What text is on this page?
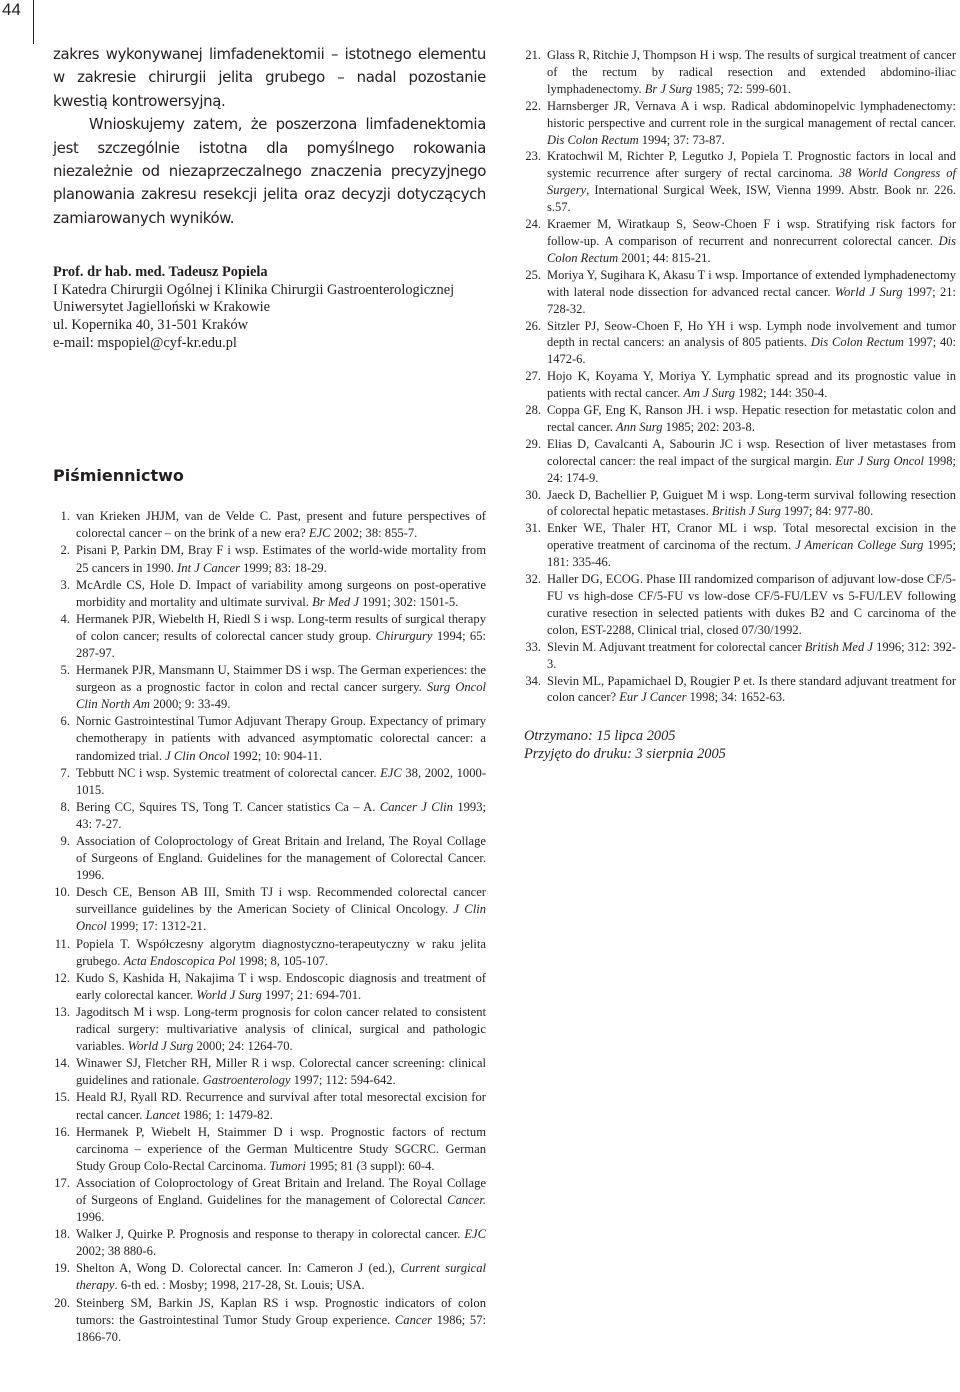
44

zakres wykonywanej limfadenektomii – istotnego elementu w zakresie chirurgii jelita grubego – nadal pozostanie kwestią kontrowersyjną.

Wnioskujemy zatem, że poszerzona limfadenektomia jest szczególnie istotna dla pomyślnego rokowania niezależnie od niezaprzeczalnego znaczenia precyzyjnego planowania zakresu resekcji jelita oraz decyzji dotyczących zamiarowanych wyników.

Prof. dr hab. med. Tadeusz Popiela
I Katedra Chirurgii Ogólnej i Klinika Chirurgii Gastroenterologicznej
Uniwersytet Jagielloński w Krakowie
ul. Kopernika 40, 31-501 Kraków
e-mail: mspopiel@cyf-kr.edu.pl
Piśmiennictwo
1. van Krieken JHJM, van de Velde C. Past, present and future perspectives of colorectal cancer – on the brink of a new era? EJC 2002; 38: 855-7.
2. Pisani P, Parkin DM, Bray F i wsp. Estimates of the world-wide mortality from 25 cancers in 1990. Int J Cancer 1999; 83: 18-29.
3. McArdle CS, Hole D. Impact of variability among surgeons on post-operative morbidity and mortality and ultimate survival. Br Med J 1991; 302: 1501-5.
4. Hermanek PJR, Wiebelth H, Riedl S i wsp. Long-term results of surgical therapy of colon cancer; results of colorectal cancer study group. Chirurgury 1994; 65: 287-97.
5. Hermanek PJR, Mansmann U, Staimmer DS i wsp. The German experiences: the surgeon as a prognostic factor in colon and rectal cancer surgery. Surg Oncol Clin North Am 2000; 9: 33-49.
6. Nornic Gastrointestinal Tumor Adjuvant Therapy Group. Expectancy of primary chemotherapy in patients with advanced asymptomatic colorectal cancer: a randomized trial. J Clin Oncol 1992; 10: 904-11.
7. Tebbutt NC i wsp. Systemic treatment of colorectal cancer. EJC 38, 2002, 1000-1015.
8. Bering CC, Squires TS, Tong T. Cancer statistics Ca – A. Cancer J Clin 1993; 43: 7-27.
9. Association of Coloproctology of Great Britain and Ireland, The Royal Collage of Surgeons of England. Guidelines for the management of Colorectal Cancer. 1996.
10. Desch CE, Benson AB III, Smith TJ i wsp. Recommended colorectal cancer surveillance guidelines by the American Society of Clinical Oncology. J Clin Oncol 1999; 17: 1312-21.
11. Popiela T. Współczesny algorytm diagnostyczno-terapeutyczny w raku jelita grubego. Acta Endoscopica Pol 1998; 8, 105-107.
12. Kudo S, Kashida H, Nakajima T i wsp. Endoscopic diagnosis and treatment of early colorectal kancer. World J Surg 1997; 21: 694-701.
13. Jagoditsch M i wsp. Long-term prognosis for colon cancer related to consistent radical surgery: multivariative analysis of clinical, surgical and pathologic variables. World J Surg 2000; 24: 1264-70.
14. Winawer SJ, Fletcher RH, Miller R i wsp. Colorectal cancer screening: clinical guidelines and rationale. Gastroenterology 1997; 112: 594-642.
15. Heald RJ, Ryall RD. Recurrence and survival after total mesorectal excision for rectal cancer. Lancet 1986; 1: 1479-82.
16. Hermanek P, Wiebelt H, Staimmer D i wsp. Prognostic factors of rectum carcinoma – experience of the German Multicentre Study SGCRC. German Study Group Colo-Rectal Carcinoma. Tumori 1995; 81 (3 suppl): 60-4.
17. Association of Coloproctology of Great Britain and Ireland. The Royal Collage of Surgeons of England. Guidelines for the management of Colorectal Cancer. 1996.
18. Walker J, Quirke P. Prognosis and response to therapy in colorectal cancer. EJC 2002; 38 880-6.
19. Shelton A, Wong D. Colorectal cancer. In: Cameron J (ed.), Current surgical therapy. 6-th ed. : Mosby; 1998, 217-28, St. Louis; USA.
20. Steinberg SM, Barkin JS, Kaplan RS i wsp. Prognostic indicators of colon tumors: the Gastrointestinal Tumor Study Group experience. Cancer 1986; 57: 1866-70.
21. Glass R, Ritchie J, Thompson H i wsp. The results of surgical treatment of cancer of the rectum by radical resection and extended abdomino-iliac lymphadenectomy. Br J Surg 1985; 72: 599-601.
22. Harnsberger JR, Vernava A i wsp. Radical abdominopelvic lymphadenectomy: historic perspective and current role in the surgical management of rectal cancer. Dis Colon Rectum 1994; 37: 73-87.
23. Kratochwil M, Richter P, Legutko J, Popiela T. Prognostic factors in local and systemic recurrence after surgery of rectal carcinoma. 38 World Congress of Surgery, International Surgical Week, ISW, Vienna 1999. Abstr. Book nr. 226. s.57.
24. Kraemer M, Wiratkaup S, Seow-Choen F i wsp. Stratifying risk factors for follow-up. A comparison of recurrent and nonrecurrent colorectal cancer. Dis Colon Rectum 2001; 44: 815-21.
25. Moriya Y, Sugihara K, Akasu T i wsp. Importance of extended lymphadenectomy with lateral node dissection for advanced rectal cancer. World J Surg 1997; 21: 728-32.
26. Sitzler PJ, Seow-Choen F, Ho YH i wsp. Lymph node involvement and tumor depth in rectal cancers: an analysis of 805 patients. Dis Colon Rectum 1997; 40: 1472-6.
27. Hojo K, Koyama Y, Moriya Y. Lymphatic spread and its prognostic value in patients with rectal cancer. Am J Surg 1982; 144: 350-4.
28. Coppa GF, Eng K, Ranson JH. i wsp. Hepatic resection for metastatic colon and rectal cancer. Ann Surg 1985; 202: 203-8.
29. Elias D, Cavalcanti A, Sabourin JC i wsp. Resection of liver metastases from colorectal cancer: the real impact of the surgical margin. Eur J Surg Oncol 1998; 24: 174-9.
30. Jaeck D, Bachellier P, Guiguet M i wsp. Long-term survival following resection of colorectal hepatic metastases. British J Surg 1997; 84: 977-80.
31. Enker WE, Thaler HT, Cranor ML i wsp. Total mesorectal excision in the operative treatment of carcinoma of the rectum. J American College Surg 1995; 181: 335-46.
32. Haller DG, ECOG. Phase III randomized comparison of adjuvant low-dose CF/5-FU vs high-dose CF/5-FU vs low-dose CF/5-FU/LEV vs 5-FU/LEV following curative resection in selected patients with dukes B2 and C carcinoma of the colon, EST-2288, Clinical trial, closed 07/30/1992.
33. Slevin M. Adjuvant treatment for colorectal cancer British Med J 1996; 312: 392-3.
34. Slevin ML, Papamichael D, Rougier P et. Is there standard adjuvant treatment for colon cancer? Eur J Cancer 1998; 34: 1652-63.
Otrzymano: 15 lipca 2005
Przyjęto do druku: 3 sierpnia 2005
